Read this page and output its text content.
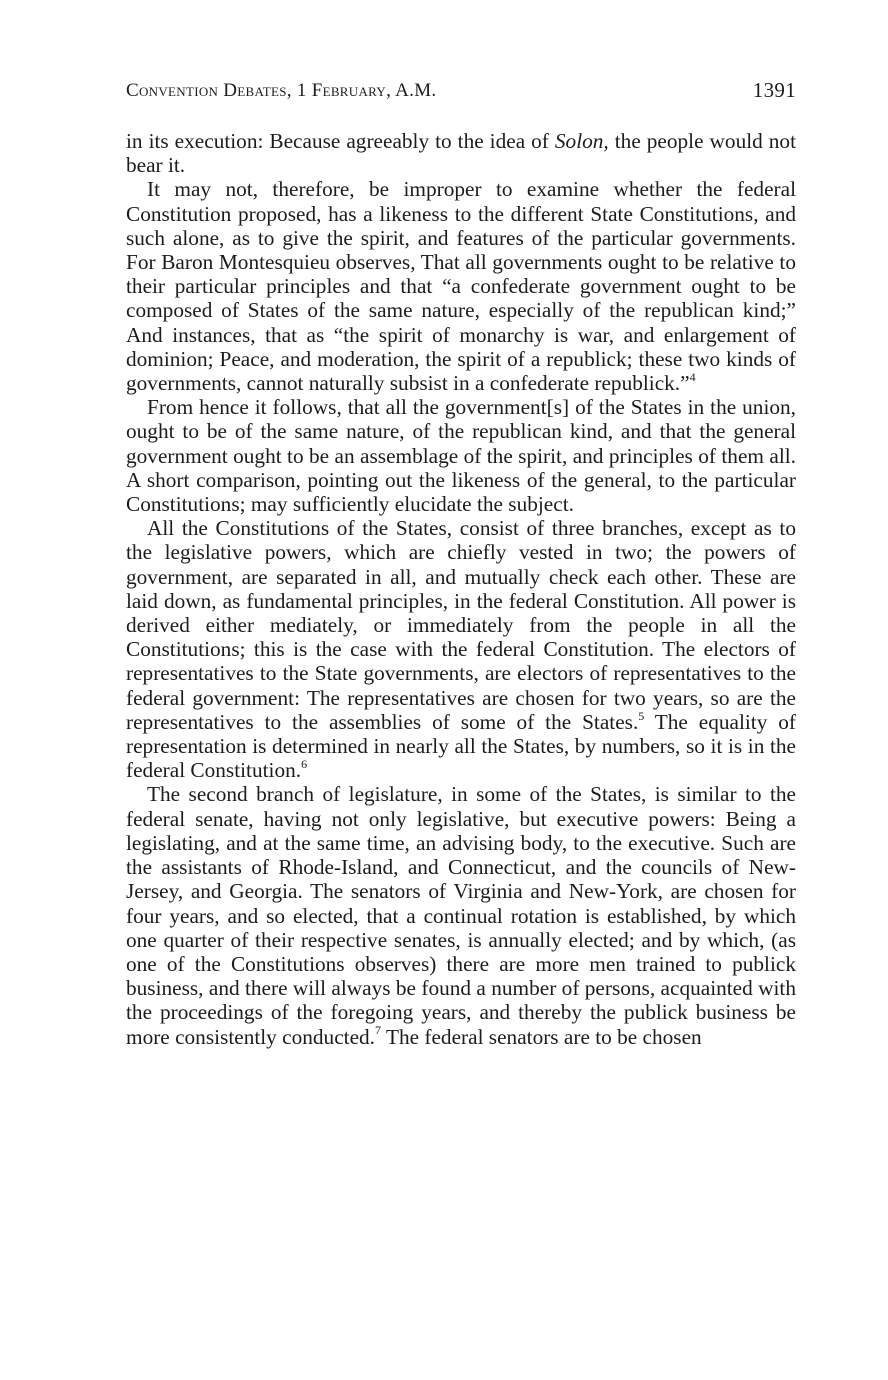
Convention Debates, 1 February, A.M.	1391

in its execution: Because agreeably to the idea of Solon, the people would not bear it.

It may not, therefore, be improper to examine whether the federal Constitution proposed, has a likeness to the different State Constitutions, and such alone, as to give the spirit, and features of the particular governments. For Baron Montesquieu observes, That all governments ought to be relative to their particular principles and that “a confederate government ought to be composed of States of the same nature, especially of the republican kind;” And instances, that as “the spirit of monarchy is war, and enlargement of dominion; Peace, and moderation, the spirit of a republick; these two kinds of governments, cannot naturally subsist in a confederate republick.”$^4$

From hence it follows, that all the government[s] of the States in the union, ought to be of the same nature, of the republican kind, and that the general government ought to be an assemblage of the spirit, and principles of them all. A short comparison, pointing out the likeness of the general, to the particular Constitutions; may sufficiently elucidate the subject.

All the Constitutions of the States, consist of three branches, except as to the legislative powers, which are chiefly vested in two; the powers of government, are separated in all, and mutually check each other. These are laid down, as fundamental principles, in the federal Constitution. All power is derived either mediately, or immediately from the people in all the Constitutions; this is the case with the federal Constitution. The electors of representatives to the State governments, are electors of representatives to the federal government: The representatives are chosen for two years, so are the representatives to the assemblies of some of the States.$^5$ The equality of representation is determined in nearly all the States, by numbers, so it is in the federal Constitution.$^6$

The second branch of legislature, in some of the States, is similar to the federal senate, having not only legislative, but executive powers: Being a legislating, and at the same time, an advising body, to the executive. Such are the assistants of Rhode-Island, and Connecticut, and the councils of New-Jersey, and Georgia. The senators of Virginia and New-York, are chosen for four years, and so elected, that a continual rotation is established, by which one quarter of their respective senates, is annually elected; and by which, (as one of the Constitutions observes) there are more men trained to publick business, and there will always be found a number of persons, acquainted with the proceedings of the foregoing years, and thereby the publick business be more consistently conducted.$^7$ The federal senators are to be chosen
